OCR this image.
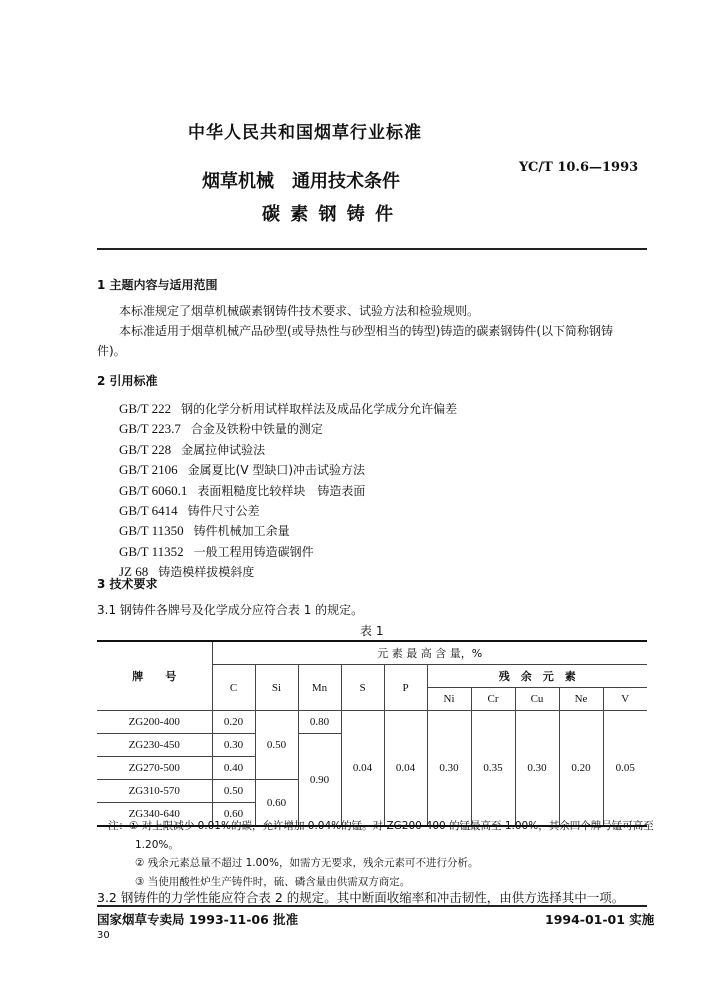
中华人民共和国烟草行业标准
烟草机械　通用技术条件
碳 素 钢 铸 件
YC/T 10.6—1993
1 主题内容与适用范围
本标准规定了烟草机械碳素钢铸件技术要求、试验方法和检验规则。
本标准适用于烟草机械产品砂型(或导热性与砂型相当的铸型)铸造的碳素钢铸件(以下简称钢铸
件)。
2 引用标准
GB/T 222 钢的化学分析用试样取样法及成品化学成分允许偏差
GB/T 223.7 合金及铁粉中铁量的测定
GB/T 228 金属拉伸试验法
GB/T 2106 金属夏比(V 型缺口)冲击试验方法
GB/T 6060.1 表面粗糙度比较样块　铸造表面
GB/T 6414 铸件尺寸公差
GB/T 11350 铸件机械加工余量
GB/T 11352 一般工程用铸造碳钢件
JZ 68 铸造模样拔模斜度
3 技术要求
3.1 钢铸件各牌号及化学成分应符合表 1 的规定。
表 1
牌　　号	元 素 最 高 含 量，%									
	C	Si	Mn	S	P	残　余　元　素				
						Ni	Cr	Cu	Ne	V
ZG200-400	0.20	0.50	0.80	0.04	0.04	0.30	0.35	0.30	0.20	0.05
ZG230-450	0.30		0.90							
ZG270-500	0.40									
ZG310-570	0.50	0.60								
ZG340-640	0.60									
注：① 对上限减少 0.01%的碳，允许增加 0.04%的锰。对 ZG200-400 的锰最高至 1.00%，其余四个牌号锰可高至
1.20%。
② 残余元素总量不超过 1.00%，如需方无要求，残余元素可不进行分析。
③ 当使用酸性炉生产铸件时，硫、磷含量由供需双方商定。
3.2 钢铸件的力学性能应符合表 2 的规定。其中断面收缩率和冲击韧性，由供方选择其中一项。
国家烟草专卖局 1993-11-06 批准	1994-01-01 实施
30
